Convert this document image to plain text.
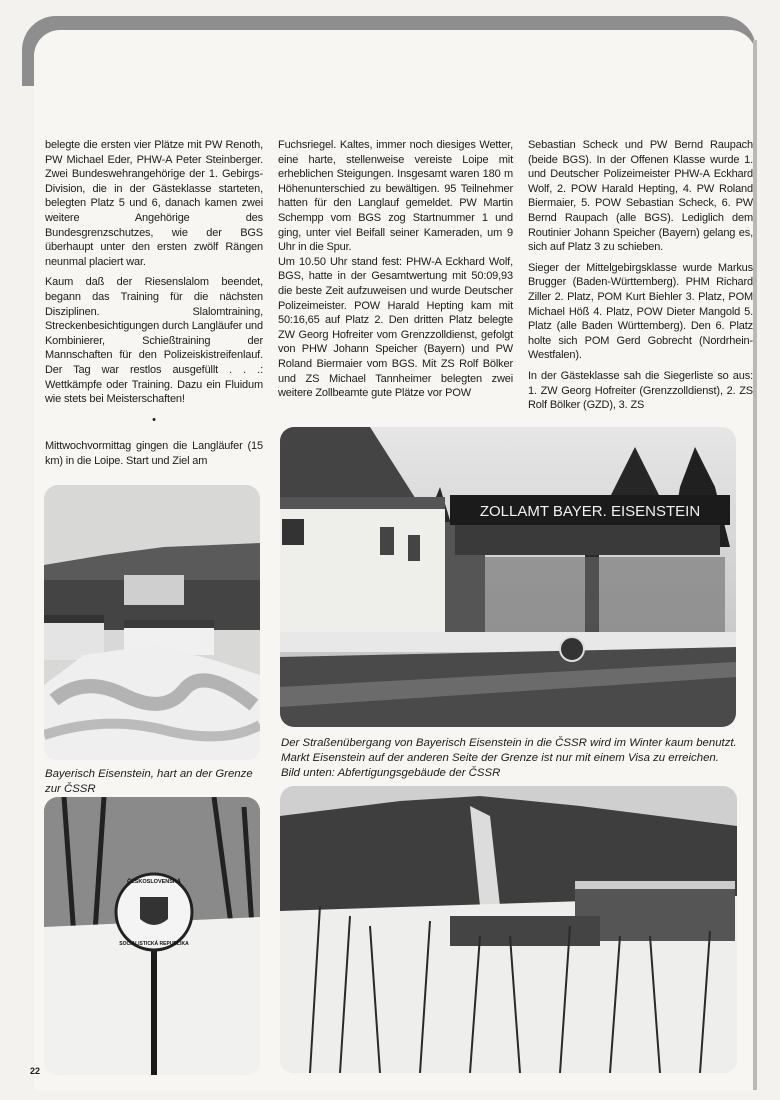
belegte die ersten vier Plätze mit PW Renoth, PW Michael Eder, PHW-A Peter Steinberger. Zwei Bundeswehrangehörige der 1. Gebirgs-Division, die in der Gästeklasse starteten, belegten Platz 5 und 6, danach kamen zwei weitere Angehörige des Bundesgrenzschutzes, wie der BGS überhaupt unter den ersten zwölf Rängen neunmal placiert war.

Kaum daß der Riesenslalom beendet, begann das Training für die nächsten Disziplinen. Slalomtraining, Streckenbesichtigungen durch Langläufer und Kombinierer, Schießtraining der Mannschaften für den Polizeiskistreifenlauf. Der Tag war restlos ausgefüllt . . .: Wettkämpfe oder Training. Dazu ein Fluidum wie stets bei Meisterschaften!

•

Mittwochvormittag gingen die Langläufer (15 km) in die Loipe. Start und Ziel am

Fuchsriegel. Kaltes, immer noch diesiges Wetter, eine harte, stellenweise vereiste Loipe mit erheblichen Steigungen. Insgesamt waren 180 m Höhenunterschied zu bewältigen. 95 Teilnehmer hatten für den Langlauf gemeldet. PW Martin Schempp vom BGS zog Startnummer 1 und ging, unter viel Beifall seiner Kameraden, um 9 Uhr in die Spur.

Um 10.50 Uhr stand fest: PHW-A Eckhard Wolf, BGS, hatte in der Gesamtwertung mit 50:09,93 die beste Zeit aufzuweisen und wurde Deutscher Polizeimeister. POW Harald Hepting kam mit 50:16,65 auf Platz 2. Den dritten Platz belegte ZW Georg Hofreiter vom Grenzzolldienst, gefolgt von PHW Johann Speicher (Bayern) und PW Roland Biermaier vom BGS. Mit ZS Rolf Bölker und ZS Michael Tannheimer belegten zwei weitere Zollbeamte gute Plätze vor POW

Sebastian Scheck und PW Bernd Raupach (beide BGS). In der Offenen Klasse wurde 1. und Deutscher Polizeimeister PHW-A Eckhard Wolf, 2. POW Harald Hepting, 4. PW Roland Biermaier, 5. POW Sebastian Scheck, 6. PW Bernd Raupach (alle BGS). Lediglich dem Routinier Johann Speicher (Bayern) gelang es, sich auf Platz 3 zu schieben.

Sieger der Mittelgebirgsklasse wurde Markus Brugger (Baden-Württemberg). PHM Richard Ziller 2. Platz, POM Kurt Biehler 3. Platz, POM Michael Höß 4. Platz, POW Dieter Mangold 5. Platz (alle Baden Württemberg). Den 6. Platz holte sich POM Gerd Gobrecht (Nordrhein-Westfalen).

In der Gästeklasse sah die Siegerliste so aus: 1. ZW Georg Hofreiter (Grenzzolldienst), 2. ZS Rolf Bölker (GZD), 3. ZS

ZOLLAMT BAYER. EISENSTEIN
Der Straßenübergang von Bayerisch Eisenstein in die ČSSR wird im Winter kaum benutzt. Markt Eisenstein auf der anderen Seite der Grenze ist nur mit einem Visa zu erreichen. Bild unten: Abfertigungsgebäude der ČSSR
Bayerisch Eisenstein, hart an der Grenze zur ČSSR
ČESKOSLOVENSKÁ
SOCIALISTICKÁ REPUBLIKA
22
